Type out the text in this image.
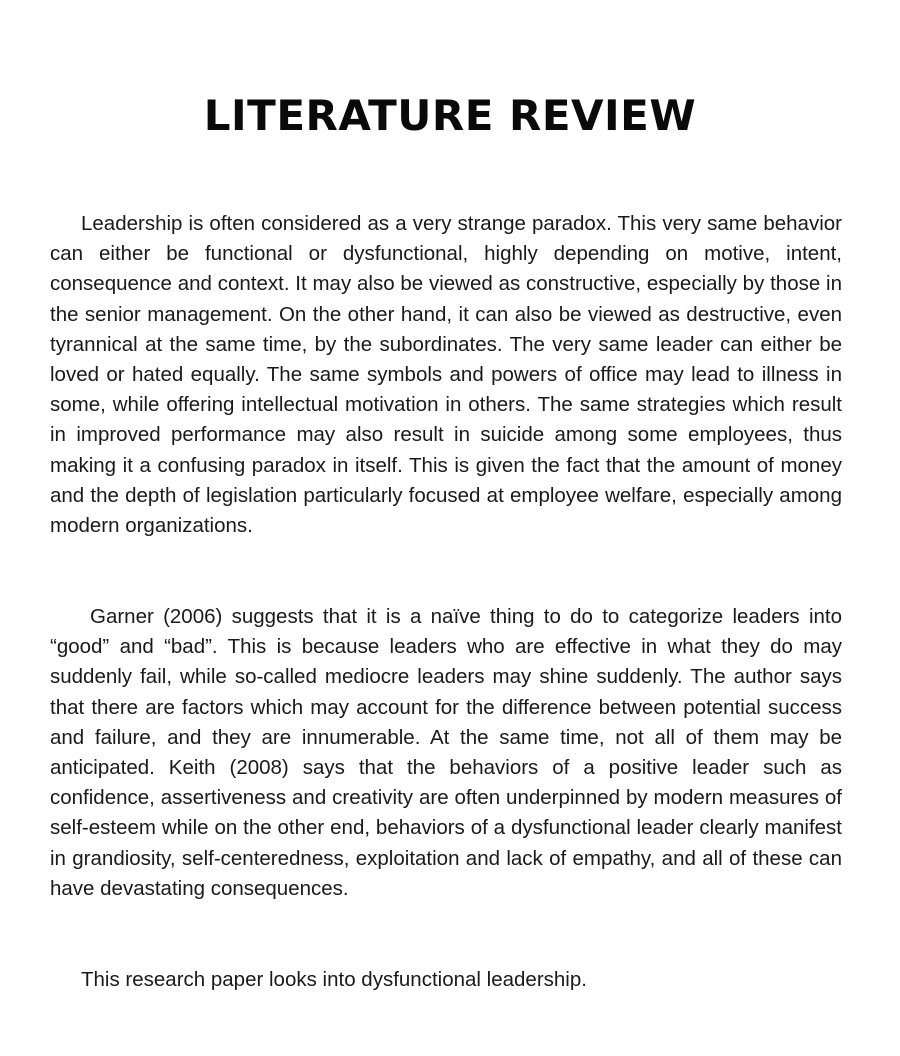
LITERATURE REVIEW

Leadership is often considered as a very strange paradox. This very same behavior can either be functional or dysfunctional, highly depending on motive, intent, consequence and context. It may also be viewed as constructive, especially by those in the senior management. On the other hand, it can also be viewed as destructive, even tyrannical at the same time, by the subordinates. The very same leader can either be loved or hated equally. The same symbols and powers of office may lead to illness in some, while offering intellectual motivation in others. The same strategies which result in improved performance may also result in suicide among some employees, thus making it a confusing paradox in itself. This is given the fact that the amount of money and the depth of legislation particularly focused at employee welfare, especially among modern organizations.

Garner (2006) suggests that it is a naïve thing to do to categorize leaders into “good” and “bad”. This is because leaders who are effective in what they do may suddenly fail, while so-called mediocre leaders may shine suddenly. The author says that there are factors which may account for the difference between potential success and failure, and they are innumerable. At the same time, not all of them may be anticipated. Keith (2008) says that the behaviors of a positive leader such as confidence, assertiveness and creativity are often underpinned by modern measures of self-esteem while on the other end, behaviors of a dysfunctional leader clearly manifest in grandiosity, self-centeredness, exploitation and lack of empathy, and all of these can have devastating consequences.

This research paper looks into dysfunctional leadership.
